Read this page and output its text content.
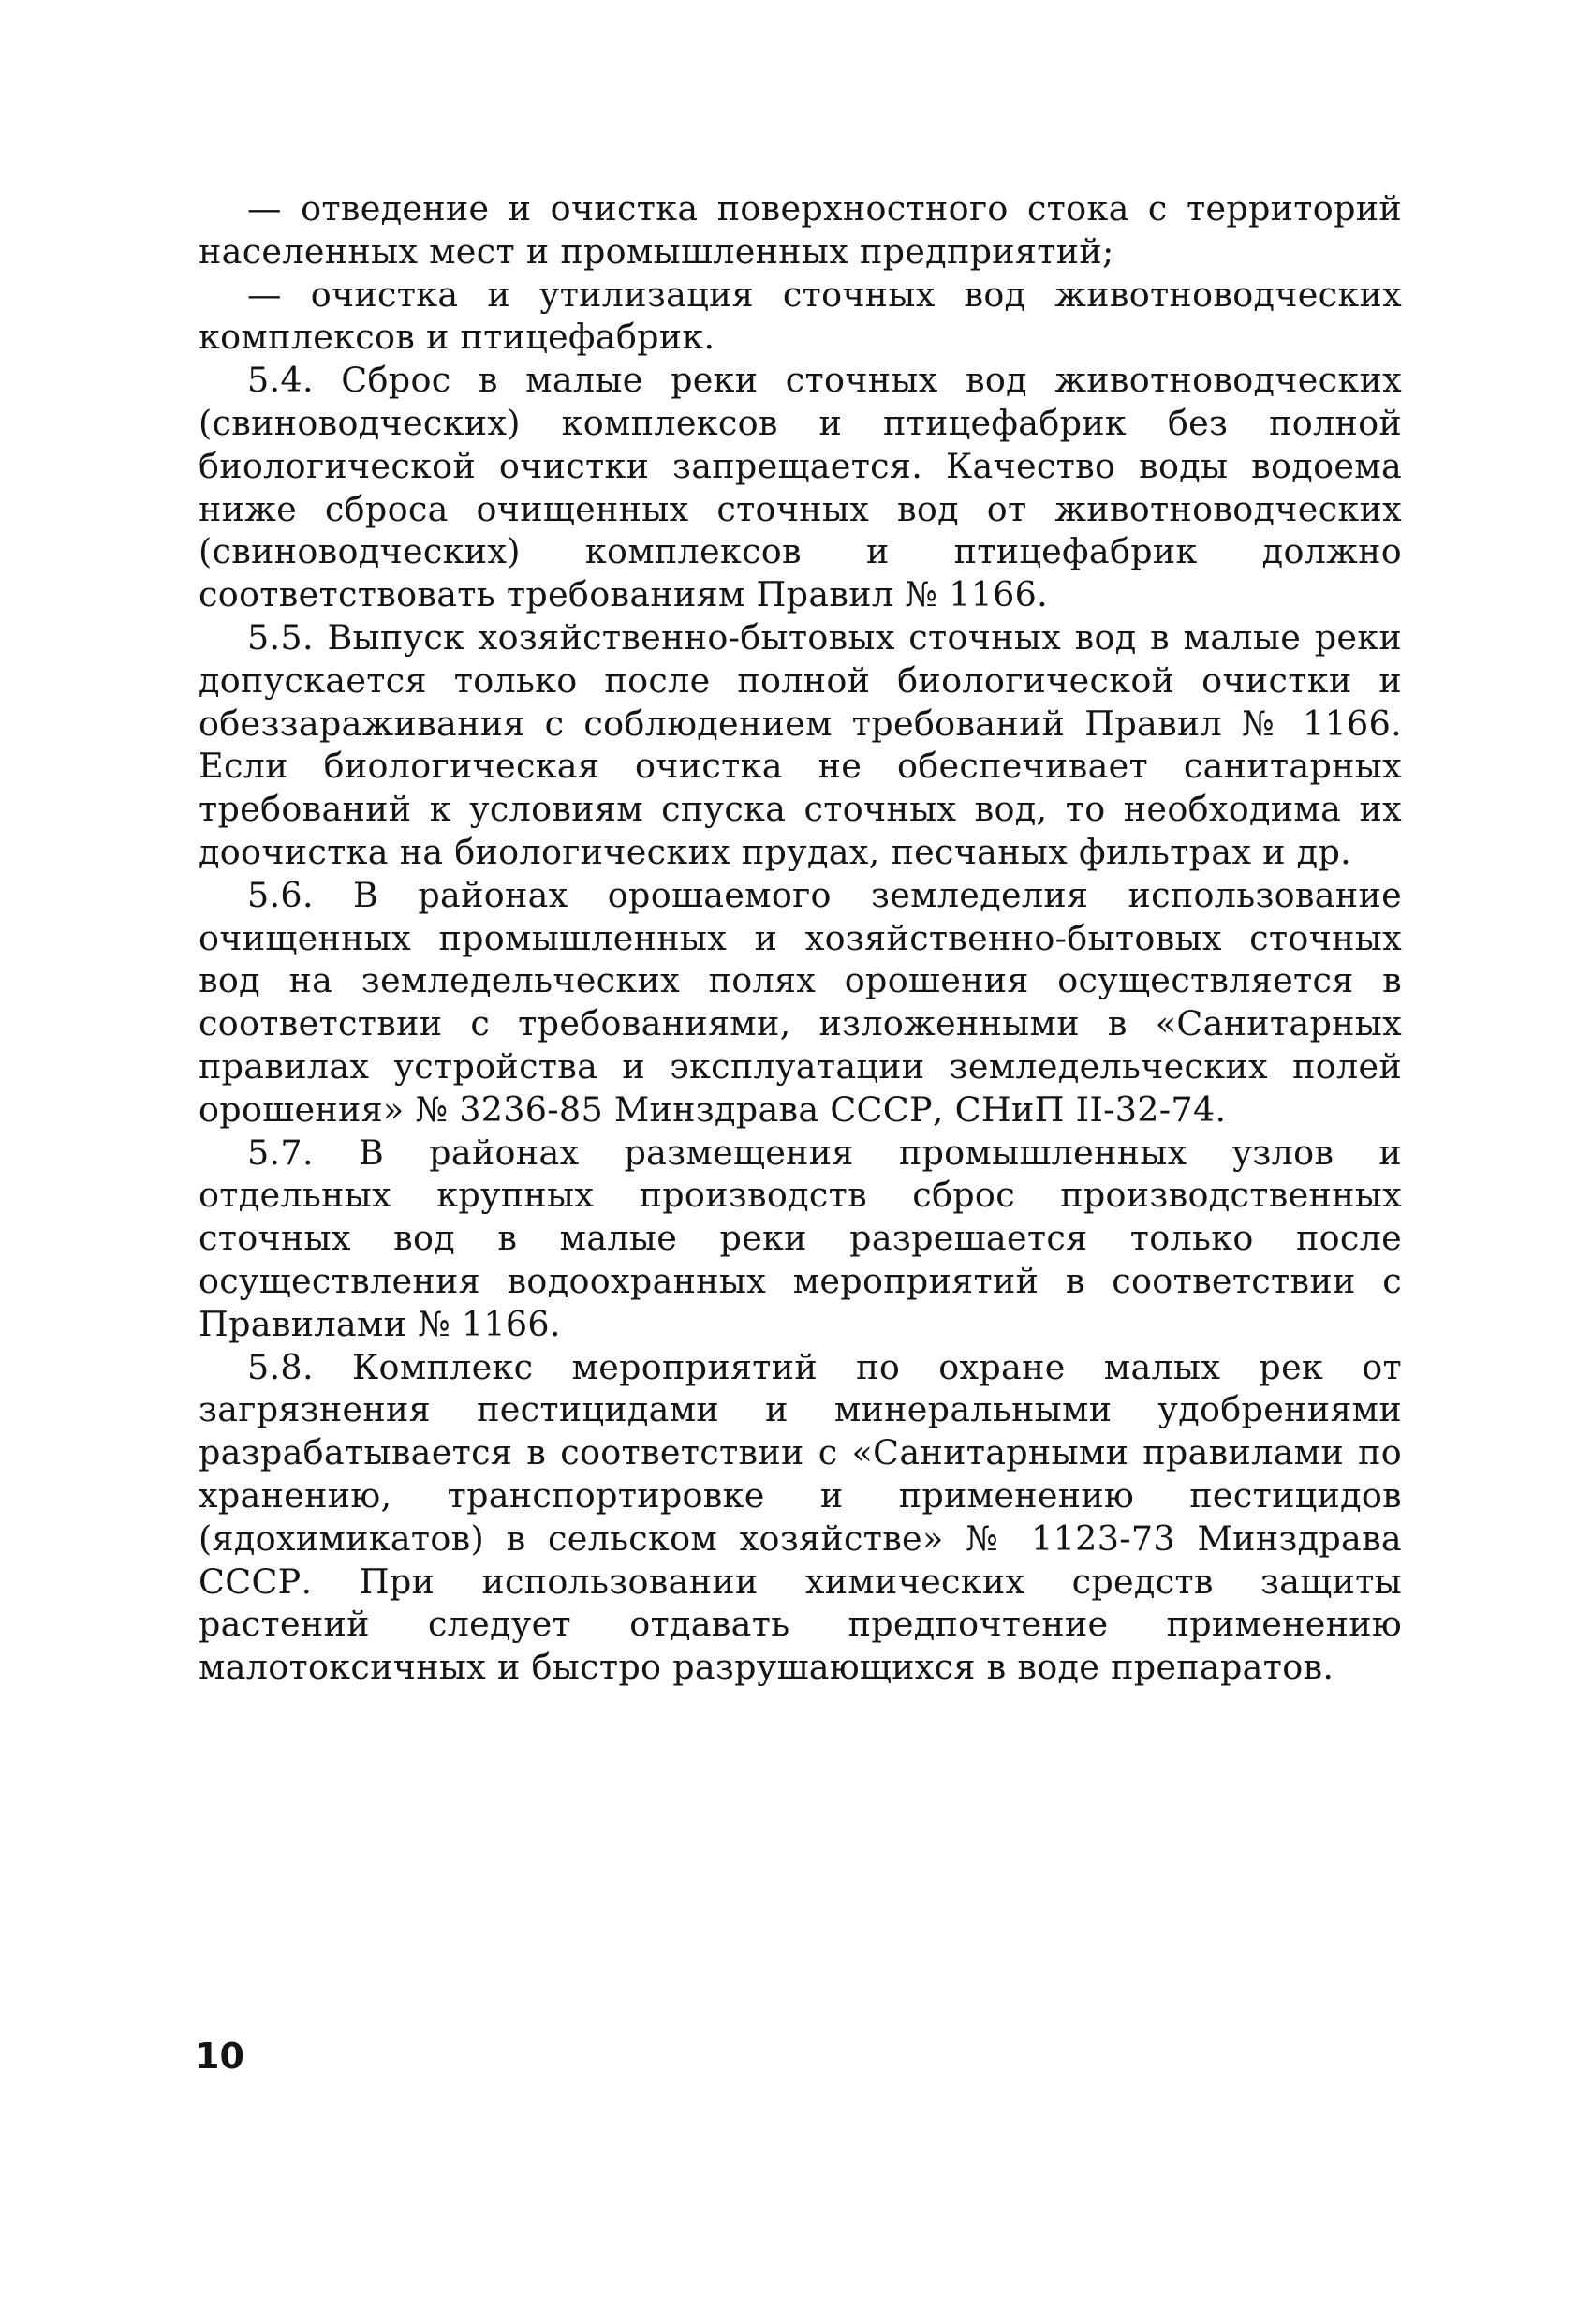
— отведение и очистка поверхностного стока с территорий населенных мест и промышленных предприятий;

— очистка и утилизация сточных вод животноводческих комплексов и птицефабрик.

5.4. Сброс в малые реки сточных вод животноводческих (свиноводческих) комплексов и птицефабрик без полной биологической очистки запрещается. Качество воды водоема ниже сброса очищенных сточных вод от животноводческих (свиноводческих) комплексов и птицефабрик должно соответствовать требованиям Правил № 1166.

5.5. Выпуск хозяйственно-бытовых сточных вод в малые реки допускается только после полной биологической очистки и обеззараживания с соблюдением требований Правил № 1166. Если биологическая очистка не обеспечивает санитарных требований к условиям спуска сточных вод, то необходима их доочистка на биологических прудах, песчаных фильтрах и др.

5.6. В районах орошаемого земледелия использование очищенных промышленных и хозяйственно-бытовых сточных вод на земледельческих полях орошения осуществляется в соответствии с требованиями, изложенными в «Санитарных правилах устройства и эксплуатации земледельческих полей орошения» № 3236-85 Минздрава СССР, СНиП II-32-74.

5.7. В районах размещения промышленных узлов и отдельных крупных производств сброс производственных сточных вод в малые реки разрешается только после осуществления водоохранных мероприятий в соответствии с Правилами № 1166.

5.8. Комплекс мероприятий по охране малых рек от загрязнения пестицидами и минеральными удобрениями разрабатывается в соответствии с «Санитарными правилами по хранению, транспортировке и применению пестицидов (ядохимикатов) в сельском хозяйстве» № 1123-73 Минздрава СССР. При использовании химических средств защиты растений следует отдавать предпочтение применению малотоксичных и быстро разрушающихся в воде препаратов.

10
